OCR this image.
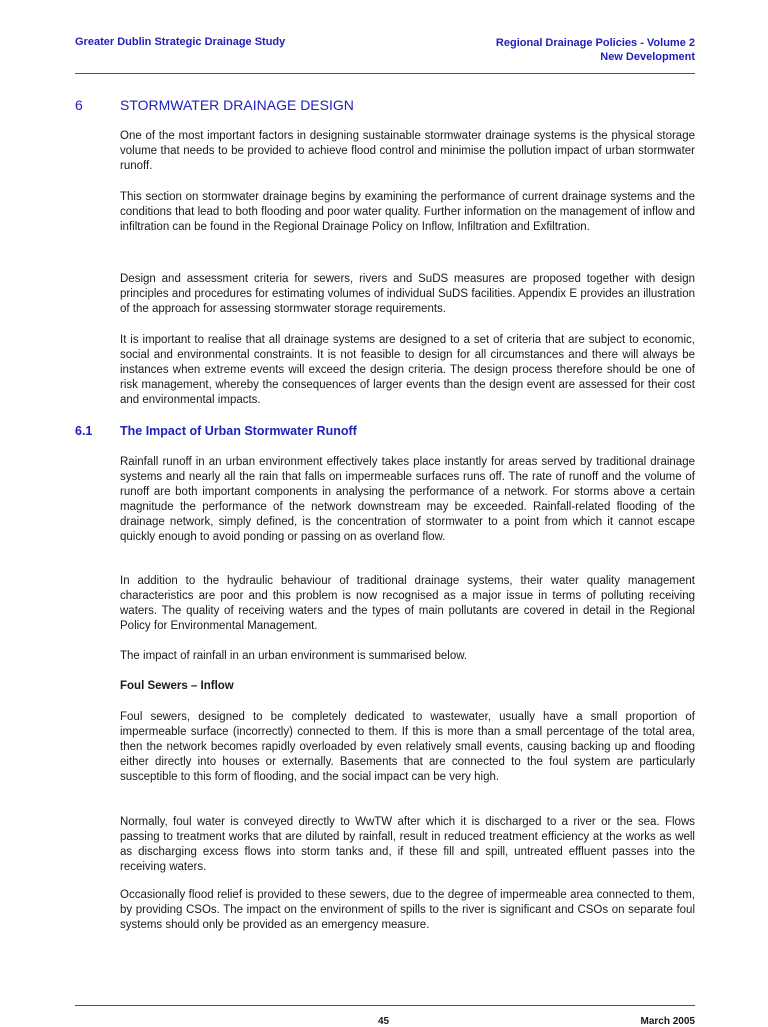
Greater Dublin Strategic Drainage Study	Regional Drainage Policies - Volume 2
New Development
6	STORMWATER DRAINAGE DESIGN

One of the most important factors in designing sustainable stormwater drainage systems is the physical storage volume that needs to be provided to achieve flood control and minimise the pollution impact of urban stormwater runoff.

This section on stormwater drainage begins by examining the performance of current drainage systems and the conditions that lead to both flooding and poor water quality. Further information on the management of inflow and infiltration can be found in the Regional Drainage Policy on Inflow, Infiltration and Exfiltration.

Design and assessment criteria for sewers, rivers and SuDS measures are proposed together with design principles and procedures for estimating volumes of individual SuDS facilities. Appendix E provides an illustration of the approach for assessing stormwater storage requirements.

It is important to realise that all drainage systems are designed to a set of criteria that are subject to economic, social and environmental constraints. It is not feasible to design for all circumstances and there will always be instances when extreme events will exceed the design criteria. The design process therefore should be one of risk management, whereby the consequences of larger events than the design event are assessed for their cost and environmental impacts.

6.1 The Impact of Urban Stormwater Runoff

Rainfall runoff in an urban environment effectively takes place instantly for areas served by traditional drainage systems and nearly all the rain that falls on impermeable surfaces runs off. The rate of runoff and the volume of runoff are both important components in analysing the performance of a network. For storms above a certain magnitude the performance of the network downstream may be exceeded. Rainfall-related flooding of the drainage network, simply defined, is the concentration of stormwater to a point from which it cannot escape quickly enough to avoid ponding or passing on as overland flow.

In addition to the hydraulic behaviour of traditional drainage systems, their water quality management characteristics are poor and this problem is now recognised as a major issue in terms of polluting receiving waters. The quality of receiving waters and the types of main pollutants are covered in detail in the Regional Policy for Environmental Management.

The impact of rainfall in an urban environment is summarised below.

Foul Sewers – Inflow

Foul sewers, designed to be completely dedicated to wastewater, usually have a small proportion of impermeable surface (incorrectly) connected to them. If this is more than a small percentage of the total area, then the network becomes rapidly overloaded by even relatively small events, causing backing up and flooding either directly into houses or externally. Basements that are connected to the foul system are particularly susceptible to this form of flooding, and the social impact can be very high.

Normally, foul water is conveyed directly to WwTW after which it is discharged to a river or the sea. Flows passing to treatment works that are diluted by rainfall, result in reduced treatment efficiency at the works as well as discharging excess flows into storm tanks and, if these fill and spill, untreated effluent passes into the receiving waters.

Occasionally flood relief is provided to these sewers, due to the degree of impermeable area connected to them, by providing CSOs. The impact on the environment of spills to the river is significant and CSOs on separate foul systems should only be provided as an emergency measure.

45	March 2005
